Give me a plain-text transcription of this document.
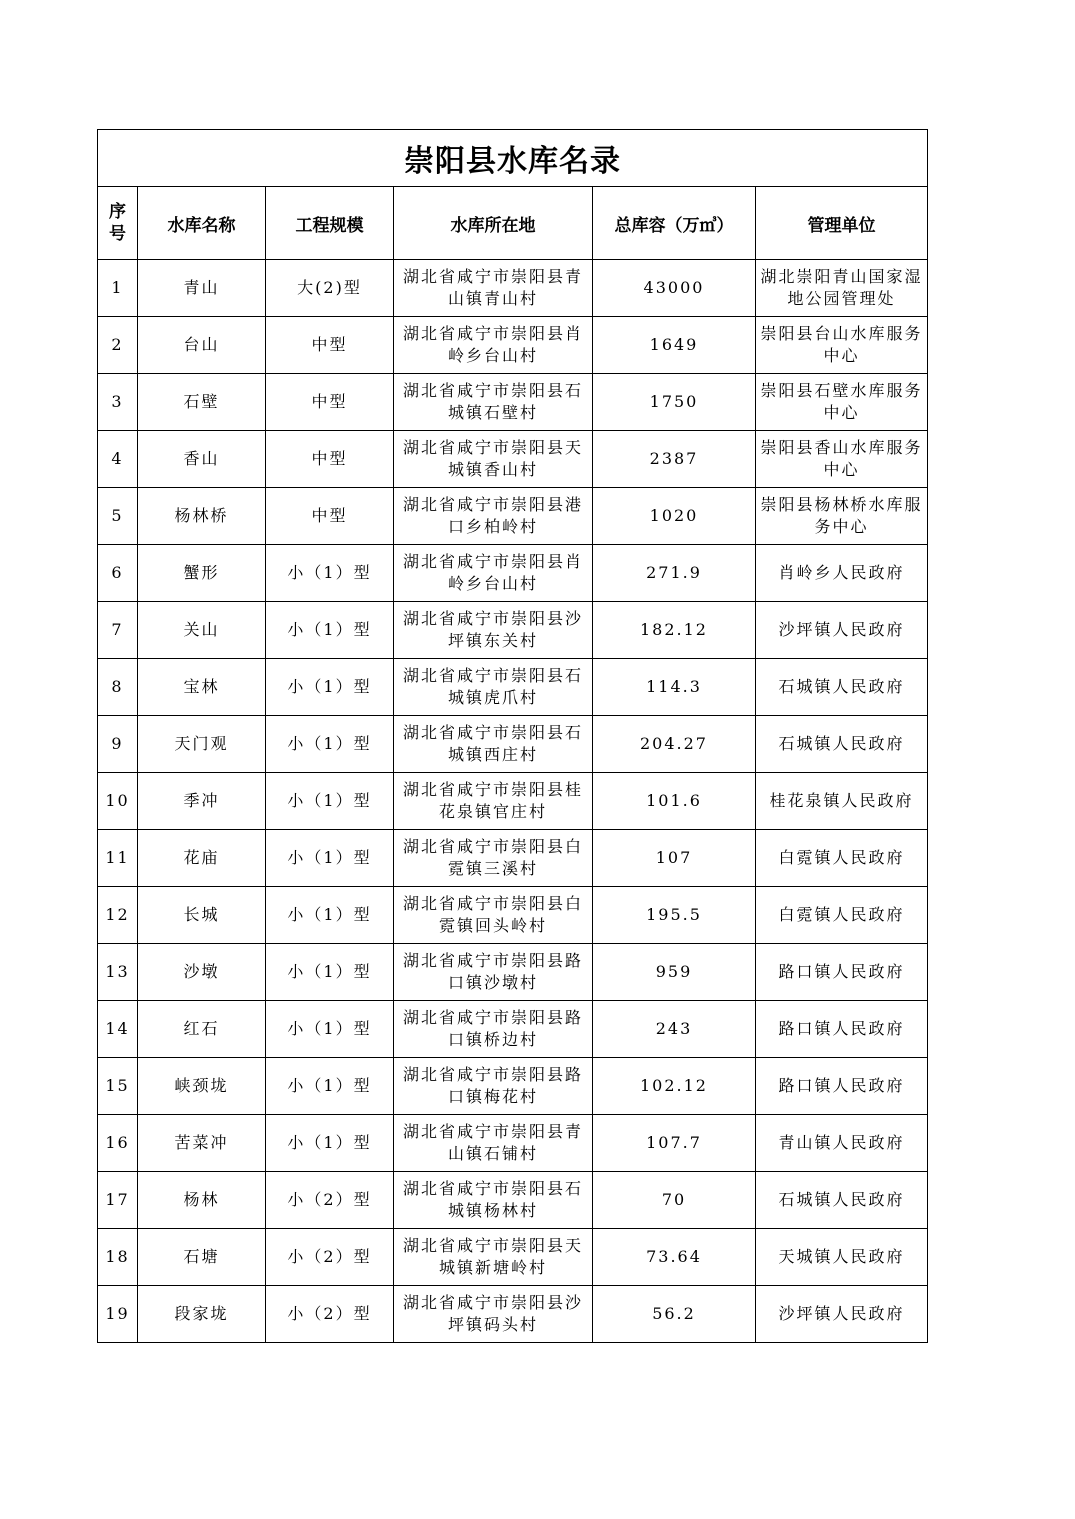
崇阳县水库名录					
序号	水库名称	工程规模	水库所在地	总库容（万㎥）	管理单位
1	青山	大(2)型	湖北省咸宁市崇阳县青山镇青山村	43000	湖北崇阳青山国家湿地公园管理处
2	台山	中型	湖北省咸宁市崇阳县肖岭乡台山村	1649	崇阳县台山水库服务中心
3	石壁	中型	湖北省咸宁市崇阳县石城镇石壁村	1750	崇阳县石壁水库服务中心
4	香山	中型	湖北省咸宁市崇阳县天城镇香山村	2387	崇阳县香山水库服务中心
5	杨林桥	中型	湖北省咸宁市崇阳县港口乡柏岭村	1020	崇阳县杨林桥水库服务中心
6	蟹形	小（1）型	湖北省咸宁市崇阳县肖岭乡台山村	271.9	肖岭乡人民政府
7	关山	小（1）型	湖北省咸宁市崇阳县沙坪镇东关村	182.12	沙坪镇人民政府
8	宝林	小（1）型	湖北省咸宁市崇阳县石城镇虎爪村	114.3	石城镇人民政府
9	天门观	小（1）型	湖北省咸宁市崇阳县石城镇西庄村	204.27	石城镇人民政府
10	季冲	小（1）型	湖北省咸宁市崇阳县桂花泉镇官庄村	101.6	桂花泉镇人民政府
11	花庙	小（1）型	湖北省咸宁市崇阳县白霓镇三溪村	107	白霓镇人民政府
12	长城	小（1）型	湖北省咸宁市崇阳县白霓镇回头岭村	195.5	白霓镇人民政府
13	沙墩	小（1）型	湖北省咸宁市崇阳县路口镇沙墩村	959	路口镇人民政府
14	红石	小（1）型	湖北省咸宁市崇阳县路口镇桥边村	243	路口镇人民政府
15	峡颈垅	小（1）型	湖北省咸宁市崇阳县路口镇梅花村	102.12	路口镇人民政府
16	苦菜冲	小（1）型	湖北省咸宁市崇阳县青山镇石铺村	107.7	青山镇人民政府
17	杨林	小（2）型	湖北省咸宁市崇阳县石城镇杨林村	70	石城镇人民政府
18	石塘	小（2）型	湖北省咸宁市崇阳县天城镇新塘岭村	73.64	天城镇人民政府
19	段家垅	小（2）型	湖北省咸宁市崇阳县沙坪镇码头村	56.2	沙坪镇人民政府
